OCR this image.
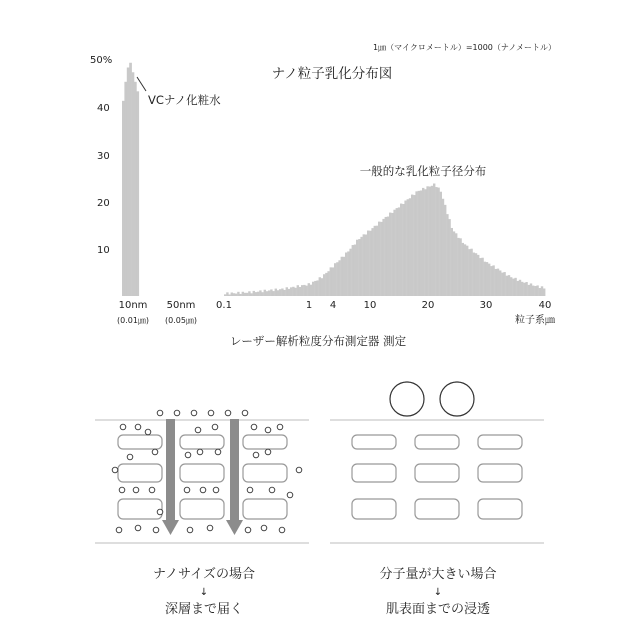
1㎛（マイクロメートル）=1000（ナノメートル）
ナノ粒子乳化分布図
50%
40
30
20
10
VCナノ化粧水
一般的な乳化粒子径分布
10nm 50nm 0.1	1 4	10	20	30	40
(0.01㎛) (0.05㎛)	粒子系㎛
レーザー解析粒度分布測定器 測定
ナノサイズの場合
↓
深層まで届く
分子量が大きい場合
↓
肌表面までの浸透
